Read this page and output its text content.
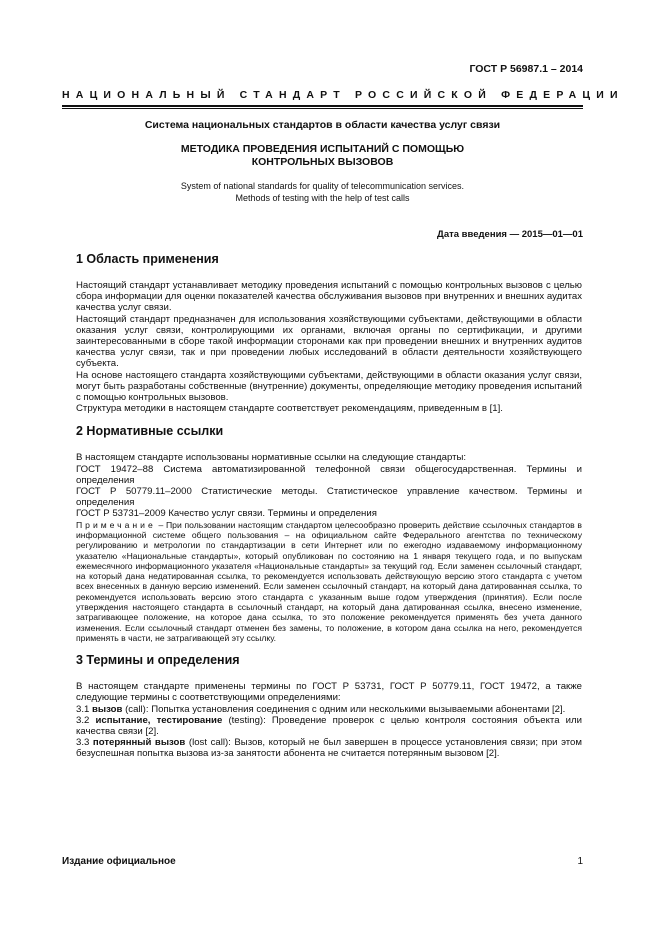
ГОСТ Р 56987.1 – 2014
НАЦИОНАЛЬНЫЙ СТАНДАРТ РОССИЙСКОЙ ФЕДЕРАЦИИ
Система национальных стандартов в области качества услуг связи
МЕТОДИКА ПРОВЕДЕНИЯ ИСПЫТАНИЙ С ПОМОЩЬЮ
КОНТРОЛЬНЫХ ВЫЗОВОВ
System of national standards for quality of telecommunication services.
Methods of testing with the help of test calls
Дата введения — 2015—01—01
1 Область применения

Настоящий стандарт устанавливает методику проведения испытаний с помощью контрольных вызовов с целью сбора информации для оценки показателей качества обслуживания вызовов при внутренних и внешних аудитах качества услуг связи.

Настоящий стандарт предназначен для использования хозяйствующими субъектами, действующими в области оказания услуг связи, контролирующими их органами, включая органы по сертификации, и другими заинтересованными в сборе такой информации сторонами как при проведении внешних и внутренних аудитов качества услуг связи, так и при проведении любых исследований в области деятельности хозяйствующего субъекта.

На основе настоящего стандарта хозяйствующими субъектами, действующими в области оказания услуг связи, могут быть разработаны собственные (внутренние) документы, определяющие методику проведения испытаний с помощью контрольных вызовов.

Структура методики в настоящем стандарте соответствует рекомендациям, приведенным в [1].

2 Нормативные ссылки

В настоящем стандарте использованы нормативные ссылки на следующие стандарты:

ГОСТ 19472–88 Система автоматизированной телефонной связи общегосударственная. Термины и определения

ГОСТ Р 50779.11–2000 Статистические методы. Статистическое управление качеством. Термины и определения

ГОСТ Р 53731–2009 Качество услуг связи. Термины и определения

Примечание – При пользовании настоящим стандартом целесообразно проверить действие ссылочных стандартов в информационной системе общего пользования – на официальном сайте Федерального агентства по техническому регулированию и метрологии по стандартизации в сети Интернет или по ежегодно издаваемому информационному указателю «Национальные стандарты», который опубликован по состоянию на 1 января текущего года, и по выпускам ежемесячного информационного указателя «Национальные стандарты» за текущий год. Если заменен ссылочный стандарт, на который дана недатированная ссылка, то рекомендуется использовать действующую версию этого стандарта с учетом всех внесенных в данную версию изменений. Если заменен ссылочный стандарт, на который дана датированная ссылка, то рекомендуется использовать версию этого стандарта с указанным выше годом утверждения (принятия). Если после утверждения настоящего стандарта в ссылочный стандарт, на который дана датированная ссылка, внесено изменение, затрагивающее положение, на которое дана ссылка, то это положение рекомендуется применять без учета данного изменения. Если ссылочный стандарт отменен без замены, то положение, в котором дана ссылка на него, рекомендуется применять в части, не затрагивающей эту ссылку.

3 Термины и определения

В настоящем стандарте применены термины по ГОСТ Р 53731, ГОСТ Р 50779.11, ГОСТ 19472, а также следующие термины с соответствующими определениями:

3.1 вызов (call): Попытка установления соединения с одним или несколькими вызываемыми абонентами [2].

3.2 испытание, тестирование (testing): Проведение проверок с целью контроля состояния объекта или качества связи [2].

3.3 потерянный вызов (lost call): Вызов, который не был завершен в процессе установления связи; при этом безуспешная попытка вызова из-за занятости абонента не считается потерянным вызовом [2].

Издание официальное	1
